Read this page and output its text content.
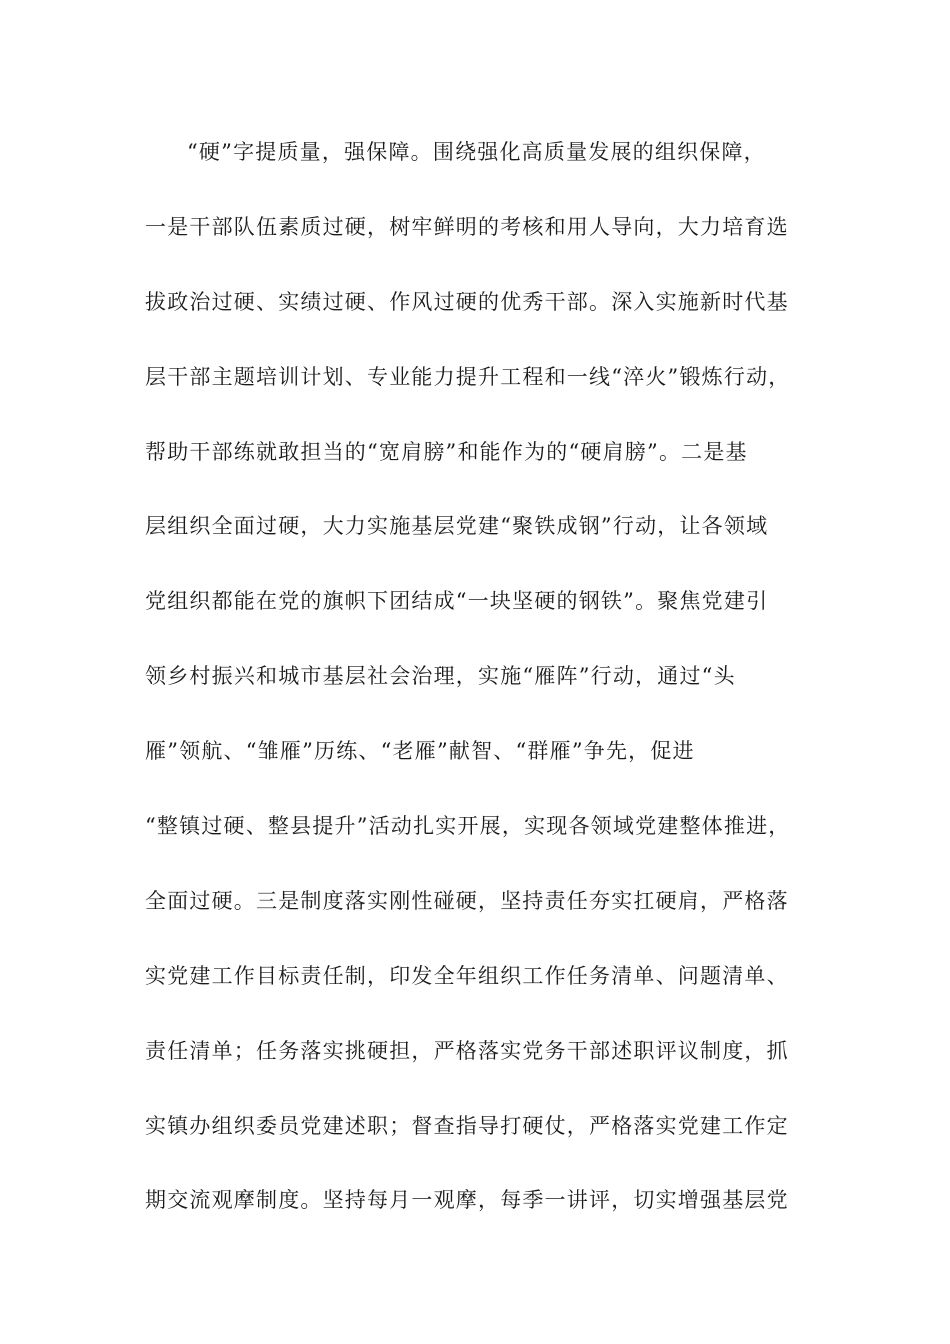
“硬”字提质量，强保障。围绕强化高质量发展的组织保障，
一是干部队伍素质过硬，树牢鲜明的考核和用人导向，大力培育选
拔政治过硬、实绩过硬、作风过硬的优秀干部。深入实施新时代基
层干部主题培训计划、专业能力提升工程和一线“淬火”锻炼行动，
帮助干部练就敢担当的“宽肩膀”和能作为的“硬肩膀”。二是基
层组织全面过硬，大力实施基层党建“聚铁成钢”行动，让各领域
党组织都能在党的旗帜下团结成“一块坚硬的钢铁”。聚焦党建引
领乡村振兴和城市基层社会治理，实施“雁阵”行动，通过“头
雁”领航、“雏雁”历练、“老雁”献智、“群雁”争先，促进
“整镇过硬、整县提升”活动扎实开展，实现各领域党建整体推进，
全面过硬。三是制度落实刚性碰硬，坚持责任夯实扛硬肩，严格落
实党建工作目标责任制，印发全年组织工作任务清单、问题清单、
责任清单；任务落实挑硬担，严格落实党务干部述职评议制度，抓
实镇办组织委员党建述职；督查指导打硬仗，严格落实党建工作定
期交流观摩制度。坚持每月一观摩，每季一讲评，切实增强基层党
